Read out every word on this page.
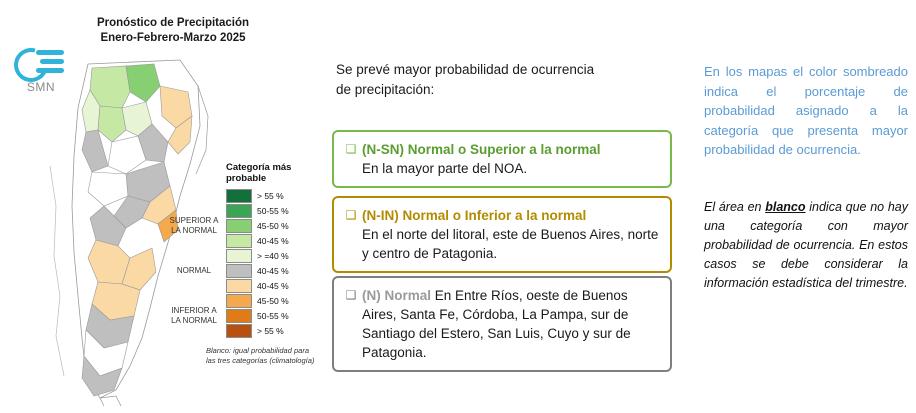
Pronóstico de Precipitación
Enero-Febrero-Marzo 2025
SMN
Categoría más
probable
SUPERIOR A
LA NORMAL
NORMAL
INFERIOR A
LA NORMAL
> 55 %
50-55 %
45-50 %
40-45 %
> =40 %
40-45 %
40-45 %
45-50 %
50-55 %
> 55 %
Blanco: igual probabilidad para
las tres categorías (climatología)
Se prevé mayor probabilidad de ocurrencia
de precipitación:
❑ (N-SN) Normal o Superior a la normal
En la mayor parte del NOA.
❑ (N-IN) Normal o Inferior a la normal
En el norte del litoral, este de Buenos Aires, norte y centro de Patagonia.
❑ (N) Normal En Entre Ríos, oeste de Buenos Aires, Santa Fe, Córdoba, La Pampa, sur de Santiago del Estero, San Luis, Cuyo y sur de Patagonia.
En los mapas el color sombreado indica el porcentaje de probabilidad asignado a la categoría que presenta mayor probabilidad de ocurrencia.
El área en blanco indica que no hay una categoría con mayor probabilidad de ocurrencia. En estos casos se debe considerar la información estadística del trimestre.
